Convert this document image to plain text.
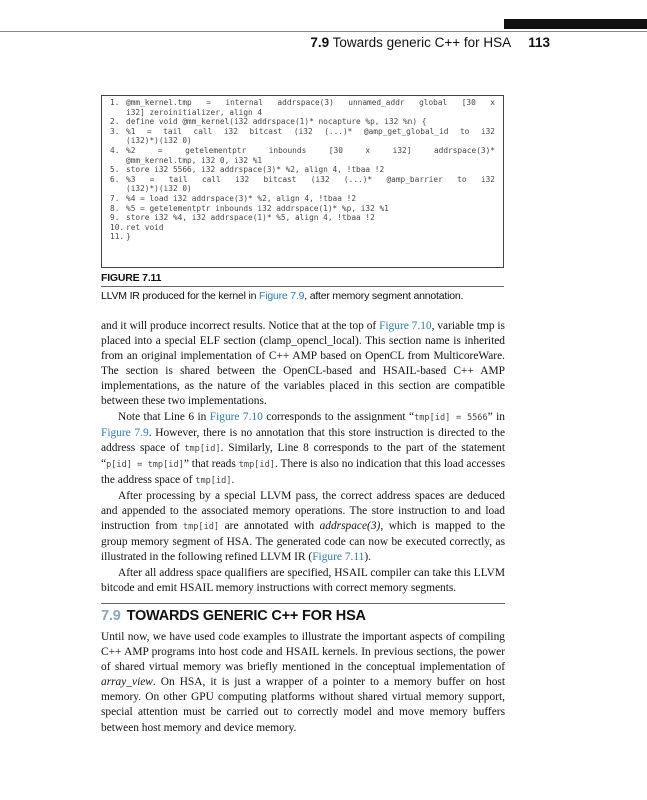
7.9 Towards generic C++ for HSA 113
1. @mm_kernel.tmp = internal addrspace(3) unnamed_addr global [30 x
i32] zeroinitializer, align 4
2. define void @mm_kernel(i32 addrspace(1)* nocapture %p, i32 %n) {
3. %1 = tail call i32 bitcast (i32 (...)* @amp_get_global_id to i32
(i32)*)(i32 0)
4. %2 = getelementptr inbounds [30 x i32] addrspace(3)*
@mm_kernel.tmp, i32 0, i32 %1
5. store i32 5566, i32 addrspace(3)* %2, align 4, !tbaa !2
6. %3 = tail call i32 bitcast (i32 (...)* @amp_barrier to i32
(i32)*)(i32 0)
7. %4 = load i32 addrspace(3)* %2, align 4, !tbaa !2
8. %5 = getelementptr inbounds i32 addrspace(1)* %p, i32 %1
9. store i32 %4, i32 addrspace(1)* %5, align 4, !tbaa !2
10. ret void
11. }
FIGURE 7.11
LLVM IR produced for the kernel in Figure 7.9, after memory segment annotation.

and it will produce incorrect results. Notice that at the top of Figure 7.10, variable tmp is placed into a special ELF section (clamp_opencl_local). This section name is inherited from an original implementation of C++ AMP based on OpenCL from MulticoreWare. The section is shared between the OpenCL-based and HSAIL-based C++ AMP implementations, as the nature of the variables placed in this section are compatible between these two implementations.

Note that Line 6 in Figure 7.10 corresponds to the assignment “tmp[id] = 5566” in Figure 7.9. However, there is no annotation that this store instruction is directed to the address space of tmp[id]. Similarly, Line 8 corresponds to the part of the statement “p[id] = tmp[id]” that reads tmp[id]. There is also no indication that this load accesses the address space of tmp[id].

After processing by a special LLVM pass, the correct address spaces are deduced and appended to the associated memory operations. The store instruction to and load instruction from tmp[id] are annotated with addrspace(3), which is mapped to the group memory segment of HSA. The generated code can now be executed correctly, as illustrated in the following refined LLVM IR (Figure 7.11).

After all address space qualifiers are specified, HSAIL compiler can take this LLVM bitcode and emit HSAIL memory instructions with correct memory segments.

7.9 TOWARDS GENERIC C++ FOR HSA

Until now, we have used code examples to illustrate the important aspects of compiling C++ AMP programs into host code and HSAIL kernels. In previous sections, the power of shared virtual memory was briefly mentioned in the conceptual implementation of array_view. On HSA, it is just a wrapper of a pointer to a memory buffer on host memory. On other GPU computing platforms without shared virtual memory support, special attention must be carried out to correctly model and move memory buffers between host memory and device memory.
